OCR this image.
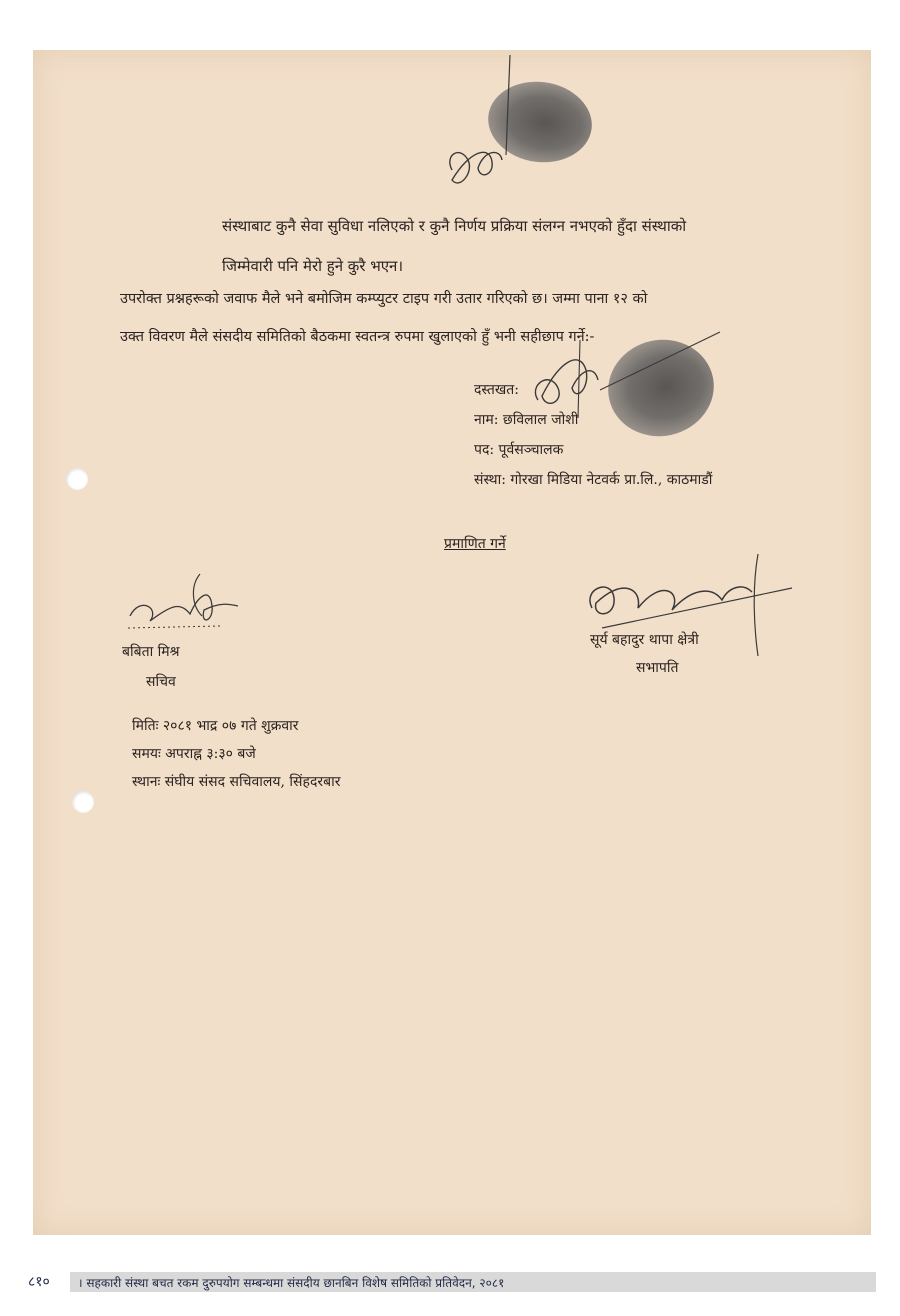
संस्थाबाट कुनै सेवा सुविधा नलिएको र कुनै निर्णय प्रक्रिया संलग्न नभएको हुँदा संस्थाको
जिम्मेवारी पनि मेरो हुने कुरै भएन।
उपरोक्त प्रश्नहरूको जवाफ मैले भने बमोजिम कम्प्युटर टाइप गरी उतार गरिएको छ। जम्मा पाना १२ को
उक्त विवरण मैले संसदीय समितिको बैठकमा स्वतन्त्र रुपमा खुलाएको हुँ भनी सहीछाप गर्ने:-
दस्तखत:
नाम: छविलाल जोशी
पद: पूर्वसञ्चालक
संस्था: गोरखा मिडिया नेटवर्क प्रा.लि., काठमाडौं
प्रमाणित गर्ने
बबिता मिश्र
सचिव
सूर्य बहादुर थापा क्षेत्री
सभापति
मितिः २०८१ भाद्र ०७ गते शुक्रवार
समयः अपराह्न ३:३० बजे
स्थानः संघीय संसद सचिवालय, सिंहदरबार
८१० । सहकारी संस्था बचत रकम दुरुपयोग सम्बन्धमा संसदीय छानबिन विशेष समितिको प्रतिवेदन, २०८१
